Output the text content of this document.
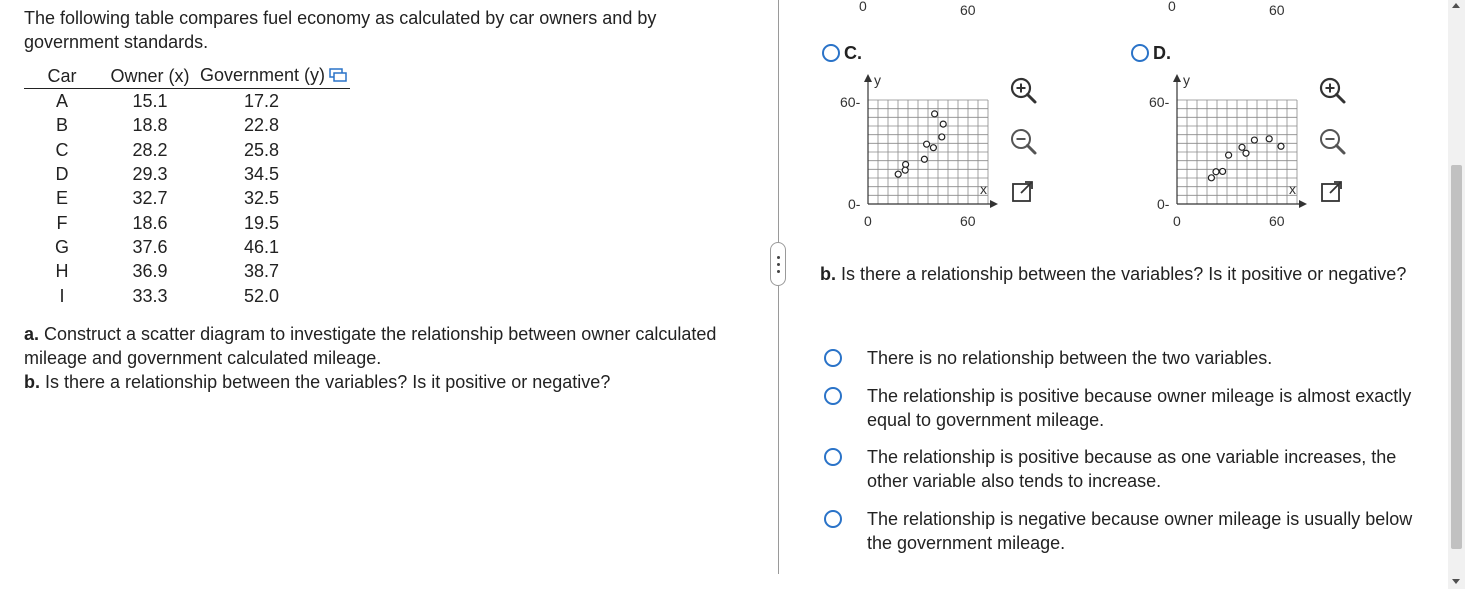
The following table compares fuel economy as calculated by car owners and by government standards.
Car	Owner (x)	Government (y)
A	15.1	17.2
B	18.8	22.8
C	28.2	25.8
D	29.3	34.5
E	32.7	32.5
F	18.6	19.5
G	37.6	46.1
H	36.9	38.7
I	33.3	52.0
a. Construct a scatter diagram to investigate the relationship between owner calculated mileage and government calculated mileage.
b. Is there a relationship between the variables? Is it positive or negative?
0	60	0	60
C.
y
x
60-
0-
0	60
D.
y
x
60-
0-
0	60
b. Is there a relationship between the variables? Is it positive or negative?
There is no relationship between the two variables.
The relationship is positive because owner mileage is almost exactly equal to government mileage.
The relationship is positive because as one variable increases, the other variable also tends to increase.
The relationship is negative because owner mileage is usually below the government mileage.
